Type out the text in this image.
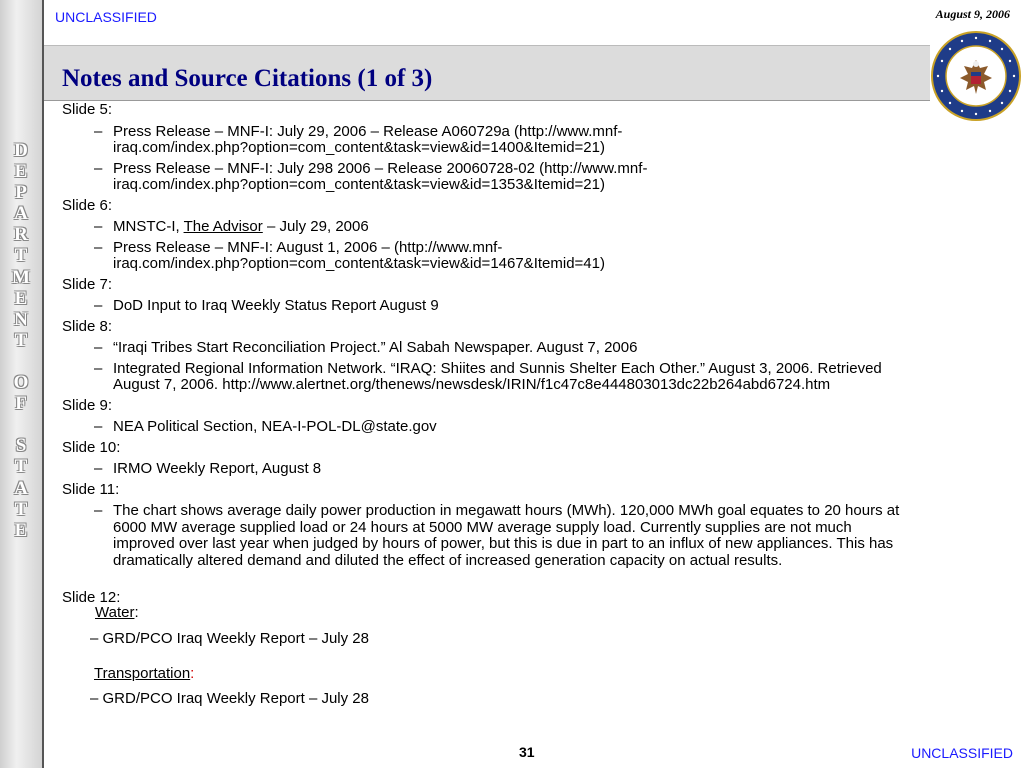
D
E
P
A
R
T
M
E
N
T
O
F
S
T
A
T
E
UNCLASSIFIED	August 9, 2006
Notes and Source Citations (1 of 3)
Slide 5:
– Press Release – MNF-I: July 29, 2006 – Release A060729a (http://www.mnf-
iraq.com/index.php?option=com_content&task=view&id=1400&Itemid=21)
– Press Release – MNF-I: July 298 2006 – Release 20060728-02 (http://www.mnf-
iraq.com/index.php?option=com_content&task=view&id=1353&Itemid=21)
Slide 6:
– MNSTC-I, The Advisor – July 29, 2006
– Press Release – MNF-I: August 1, 2006 – (http://www.mnf-
iraq.com/index.php?option=com_content&task=view&id=1467&Itemid=41)
Slide 7:
– DoD Input to Iraq Weekly Status Report August 9
Slide 8:
– “Iraqi Tribes Start Reconciliation Project.” Al Sabah Newspaper. August 7, 2006
– Integrated Regional Information Network. “IRAQ: Shiites and Sunnis Shelter Each Other.” August 3, 2006. Retrieved
August 7, 2006. http://www.alertnet.org/thenews/newsdesk/IRIN/f1c47c8e444803013dc22b264abd6724.htm
Slide 9:
– NEA Political Section, NEA-I-POL-DL@state.gov
Slide 10:
– IRMO Weekly Report, August 8
Slide 11:
– The chart shows average daily power production in megawatt hours (MWh). 120,000 MWh goal equates to 20 hours at
6000 MW average supplied load or 24 hours at 5000 MW average supply load. Currently supplies are not much
improved over last year when judged by hours of power, but this is due in part to an influx of new appliances. This has
dramatically altered demand and diluted the effect of increased generation capacity on actual results.
Slide 12:
Water:
– GRD/PCO Iraq Weekly Report – July 28
Transportation:
– GRD/PCO Iraq Weekly Report – July 28
31	UNCLASSIFIED
